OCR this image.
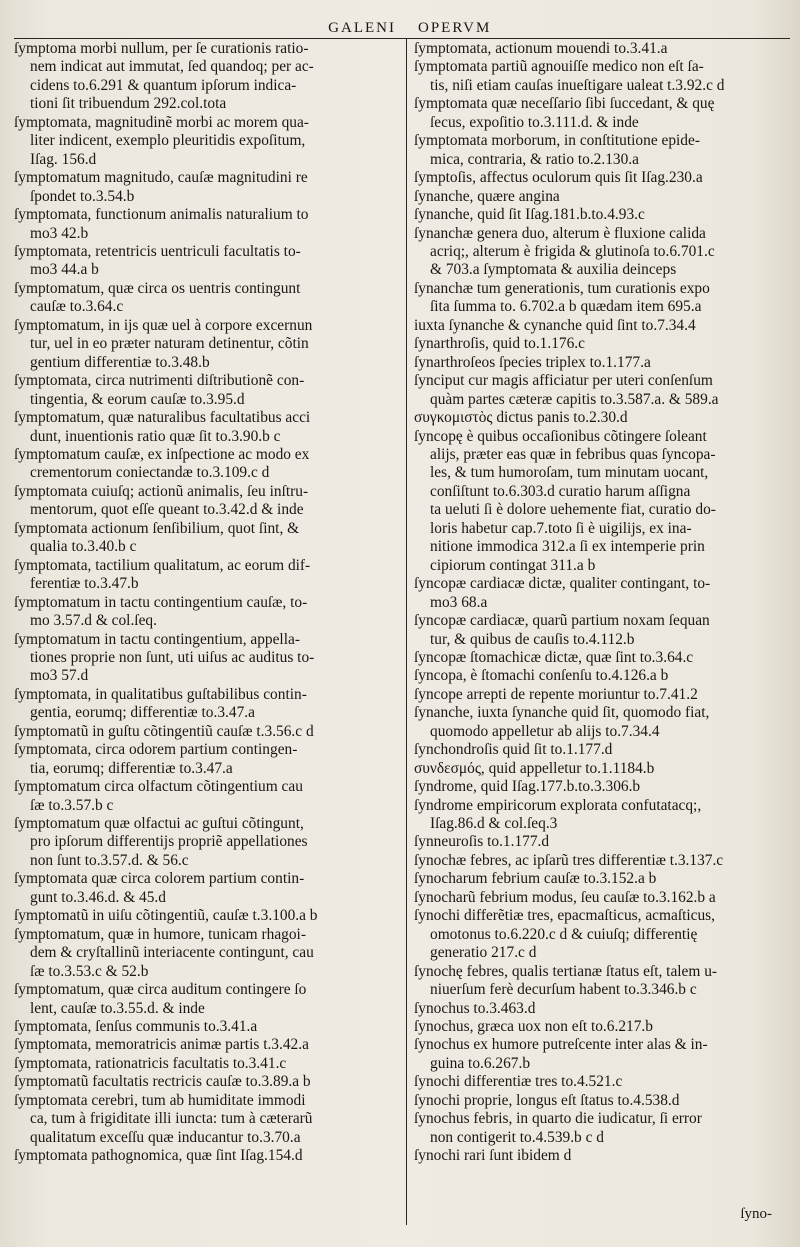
GALENI OPERVM
ſymptoma morbi nullum, per ſe curationis ratio-
nem indicat aut immutat, ſed quandoq; per ac-
cidens to.6.291 & quantum ipſorum indica-
tioni ſit tribuendum 292.col.tota
ſymptomata, magnitudinẽ morbi ac morem qua-
liter indicent, exemplo pleuritidis expoſitum,
Iſag. 156.d
ſymptomatum magnitudo, cauſæ magnitudini re
ſpondet to.3.54.b
ſymptomata, functionum animalis naturalium to
mo3 42.b
ſymptomata, retentricis uentriculi facultatis to-
mo3 44.a b
ſymptomatum, quæ circa os uentris contingunt
cauſæ to.3.64.c
ſymptomatum, in ijs quæ uel à corpore excernun
tur, uel in eo præter naturam detinentur, cõtin
gentium differentiæ to.3.48.b
ſymptomata, circa nutrimenti diſtributionẽ con-
tingentia, & eorum cauſæ to.3.95.d
ſymptomatum, quæ naturalibus facultatibus acci
dunt, inuentionis ratio quæ ſit to.3.90.b c
ſymptomatum cauſæ, ex inſpectione ac modo ex
crementorum coniectandæ to.3.109.c d
ſymptomata cuiuſq; actionũ animalis, ſeu inſtru-
mentorum, quot eſſe queant to.3.42.d & inde
ſymptomata actionum ſenſibilium, quot ſint, &
qualia to.3.40.b c
ſymptomata, tactilium qualitatum, ac eorum dif-
ferentiæ to.3.47.b
ſymptomatum in tactu contingentium cauſæ, to-
mo 3.57.d & col.ſeq.
ſymptomatum in tactu contingentium, appella-
tiones proprie non ſunt, uti uiſus ac auditus to-
mo3 57.d
ſymptomata, in qualitatibus guſtabilibus contin-
gentia, eorumq; differentiæ to.3.47.a
ſymptomatũ in guſtu cõtingentiũ cauſæ t.3.56.c d
ſymptomata, circa odorem partium contingen-
tia, eorumq; differentiæ to.3.47.a
ſymptomatum circa olfactum cõtingentium cau
ſæ to.3.57.b c
ſymptomatum quæ olfactui ac guſtui cõtingunt,
pro ipſorum differentijs propriẽ appellationes
non ſunt to.3.57.d. & 56.c
ſymptomata quæ circa colorem partium contin-
gunt to.3.46.d. & 45.d
ſymptomatũ in uiſu cõtingentiũ, cauſæ t.3.100.a b
ſymptomatum, quæ in humore, tunicam rhagoi-
dem & cryſtallinũ interiacente contingunt, cau
ſæ to.3.53.c & 52.b
ſymptomatum, quæ circa auditum contingere ſo
lent, cauſæ to.3.55.d. & inde
ſymptomata, ſenſus communis to.3.41.a
ſymptomata, memoratricis animæ partis t.3.42.a
ſymptomata, rationatricis facultatis to.3.41.c
ſymptomatũ facultatis rectricis cauſæ to.3.89.a b
ſymptomata cerebri, tum ab humiditate immodi
ca, tum à frigiditate illi iuncta: tum à cæterarũ
qualitatum exceſſu quæ inducantur to.3.70.a
ſymptomata pathognomica, quæ ſint Iſag.154.d
ſymptomata, actionum mouendi to.3.41.a
ſymptomata partiũ agnouiſſe medico non eſt ſa-
tis, niſi etiam cauſas inueſtigare ualeat t.3.92.c d
ſymptomata quæ neceſſario ſibi ſuccedant, & quę
ſecus, expoſitio to.3.111.d. & inde
ſymptomata morborum, in conſtitutione epide-
mica, contraria, & ratio to.2.130.a
ſymptoſis, affectus oculorum quis ſit Iſag.230.a
ſynanche, quære angina
ſynanche, quid ſit Iſag.181.b.to.4.93.c
ſynanchæ genera duo, alterum è fluxione calida
acriq;, alterum è frigida & glutinoſa to.6.701.c
& 703.a ſymptomata & auxilia deinceps
ſynanchæ tum generationis, tum curationis expo
ſita ſumma to. 6.702.a b quædam item 695.a
iuxta ſynanche & cynanche quid ſint to.7.34.4
ſynarthroſis, quid to.1.176.c
ſynarthroſeos ſpecies triplex to.1.177.a
ſynciput cur magis afficiatur per uteri conſenſum
quàm partes cæteræ capitis to.3.587.a. & 589.a
συγκομιστὸς dictus panis to.2.30.d
ſyncopę è quibus occaſionibus cõtingere ſoleant
alijs, præter eas quæ in febribus quas ſyncopa-
les, & tum humoroſam, tum minutam uocant,
conſiſtunt to.6.303.d curatio harum aſſigna
ta ueluti ſi è dolore uehemente fiat, curatio do-
loris habetur cap.7.toto ſi è uigilijs, ex ina-
nitione immodica 312.a ſi ex intemperie prin
cipiorum contingat 311.a b
ſyncopæ cardiacæ dictæ, qualiter contingant, to-
mo3 68.a
ſyncopæ cardiacæ, quarũ partium noxam ſequan
tur, & quibus de cauſis to.4.112.b
ſyncopæ ſtomachicæ dictæ, quæ ſint to.3.64.c
ſyncopa, è ſtomachi conſenſu to.4.126.a b
ſyncope arrepti de repente moriuntur to.7.41.2
ſynanche, iuxta ſynanche quid ſit, quomodo fiat,
quomodo appelletur ab alijs to.7.34.4
ſynchondroſis quid ſit to.1.177.d
συνδεσμός, quid appelletur to.1.1184.b
ſyndrome, quid Iſag.177.b.to.3.306.b
ſyndrome empiricorum explorata confutatacq;,
Iſag.86.d & col.ſeq.3
ſynneuroſis to.1.177.d
ſynochæ febres, ac ipſarũ tres differentiæ t.3.137.c
ſynocharum febrium cauſæ to.3.152.a b
ſynocharũ febrium modus, ſeu cauſæ to.3.162.b a
ſynochi differẽtiæ tres, epacmaſticus, acmaſticus,
omotonus to.6.220.c d & cuiuſq; differentię
generatio 217.c d
ſynochę febres, qualis tertianæ ſtatus eſt, talem u-
niuerſum ferè decurſum habent to.3.346.b c
ſynochus to.3.463.d
ſynochus, græca uox non eſt to.6.217.b
ſynochus ex humore putreſcente inter alas & in-
guina to.6.267.b
ſynochi differentiæ tres to.4.521.c
ſynochi proprie, longus eſt ſtatus to.4.538.d
ſynochus febris, in quarto die iudicatur, ſi error
non contigerit to.4.539.b c d
ſynochi rari ſunt ibidem d
ſyno-
